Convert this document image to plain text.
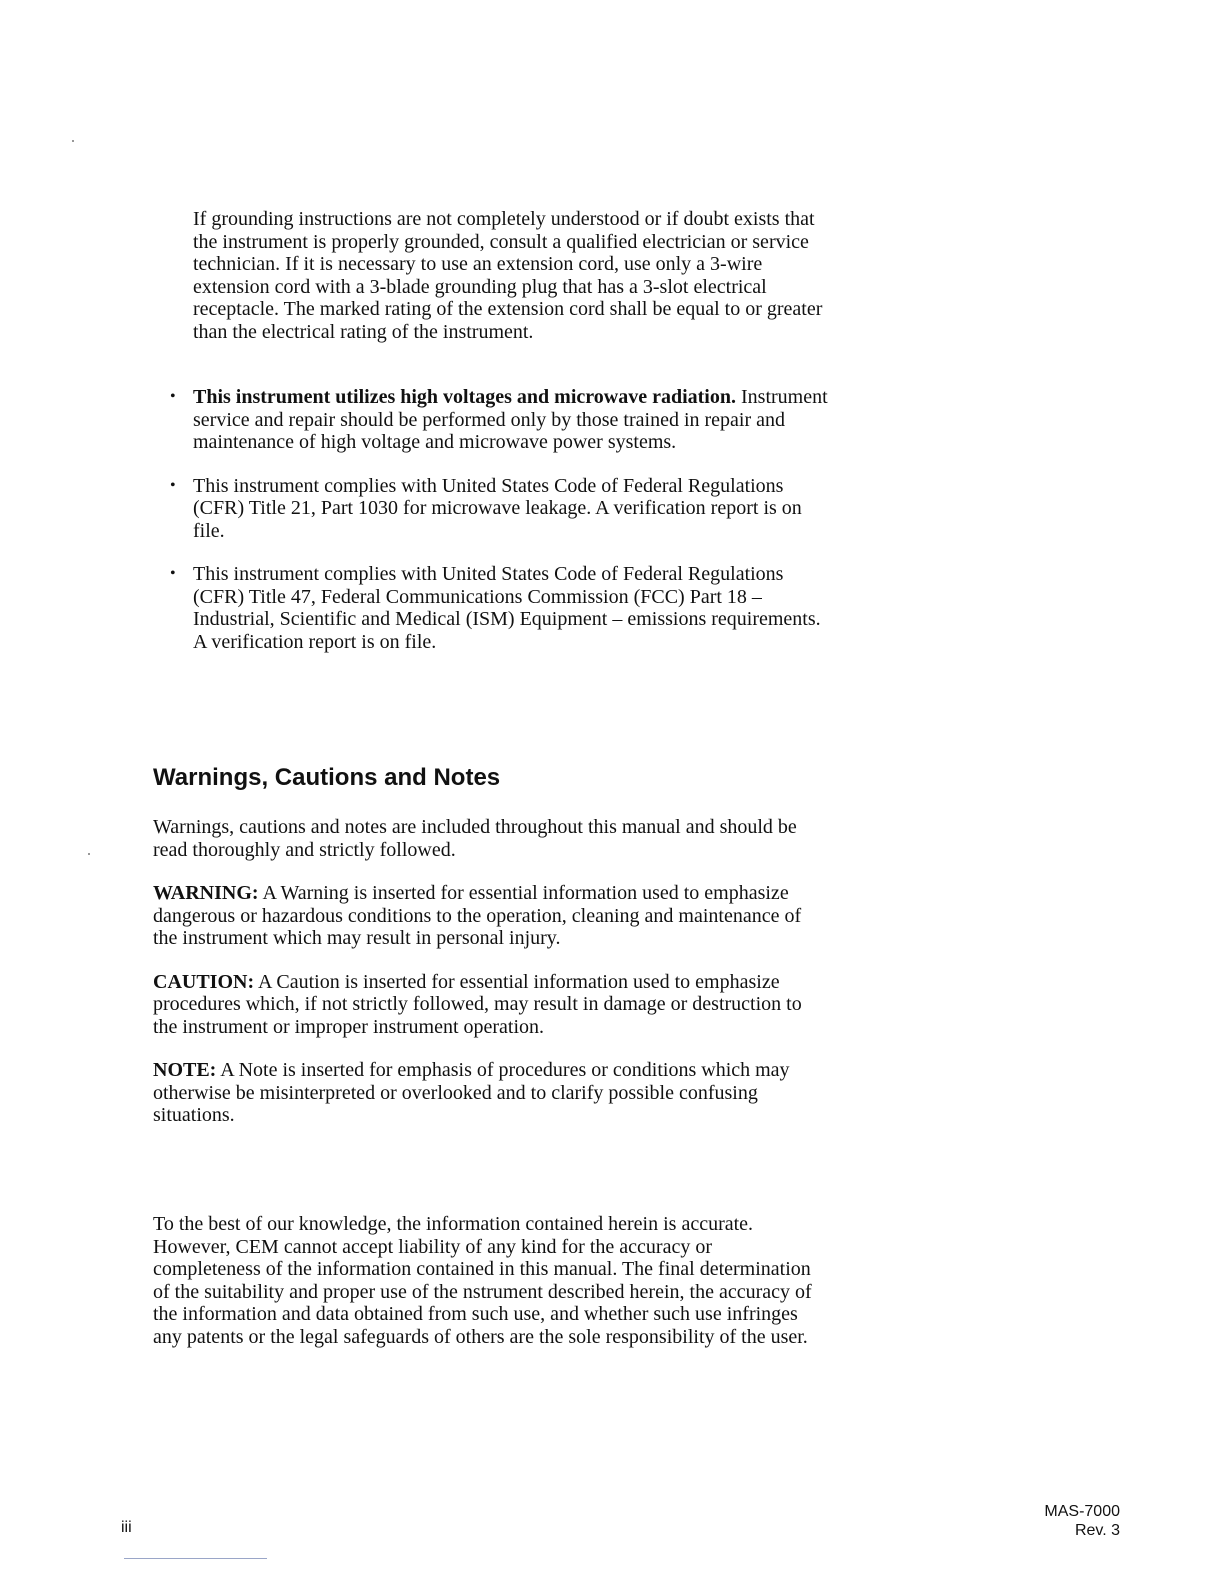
If grounding instructions are not completely understood or if doubt exists that the instrument is properly grounded, consult a qualified electrician or service technician. If it is necessary to use an extension cord, use only a 3-wire extension cord with a 3-blade grounding plug that has a 3-slot electrical receptacle. The marked rating of the extension cord shall be equal to or greater than the electrical rating of the instrument.

• This instrument utilizes high voltages and microwave radiation. Instrument service and repair should be performed only by those trained in repair and maintenance of high voltage and microwave power systems.
• This instrument complies with United States Code of Federal Regulations (CFR) Title 21, Part 1030 for microwave leakage. A verification report is on file.
• This instrument complies with United States Code of Federal Regulations (CFR) Title 47, Federal Communications Commission (FCC) Part 18 – Industrial, Scientific and Medical (ISM) Equipment – emissions requirements. A verification report is on file.
Warnings, Cautions and Notes

Warnings, cautions and notes are included throughout this manual and should be read thoroughly and strictly followed.

WARNING: A Warning is inserted for essential information used to emphasize dangerous or hazardous conditions to the operation, cleaning and maintenance of the instrument which may result in personal injury.

CAUTION: A Caution is inserted for essential information used to emphasize procedures which, if not strictly followed, may result in damage or destruction to the instrument or improper instrument operation.

NOTE: A Note is inserted for emphasis of procedures or conditions which may otherwise be misinterpreted or overlooked and to clarify possible confusing situations.

To the best of our knowledge, the information contained herein is accurate. However, CEM cannot accept liability of any kind for the accuracy or completeness of the information contained in this manual. The final determination of the suitability and proper use of the nstrument described herein, the accuracy of the information and data obtained from such use, and whether such use infringes any patents or the legal safeguards of others are the sole responsibility of the user.

iii
MAS-7000
Rev. 3
